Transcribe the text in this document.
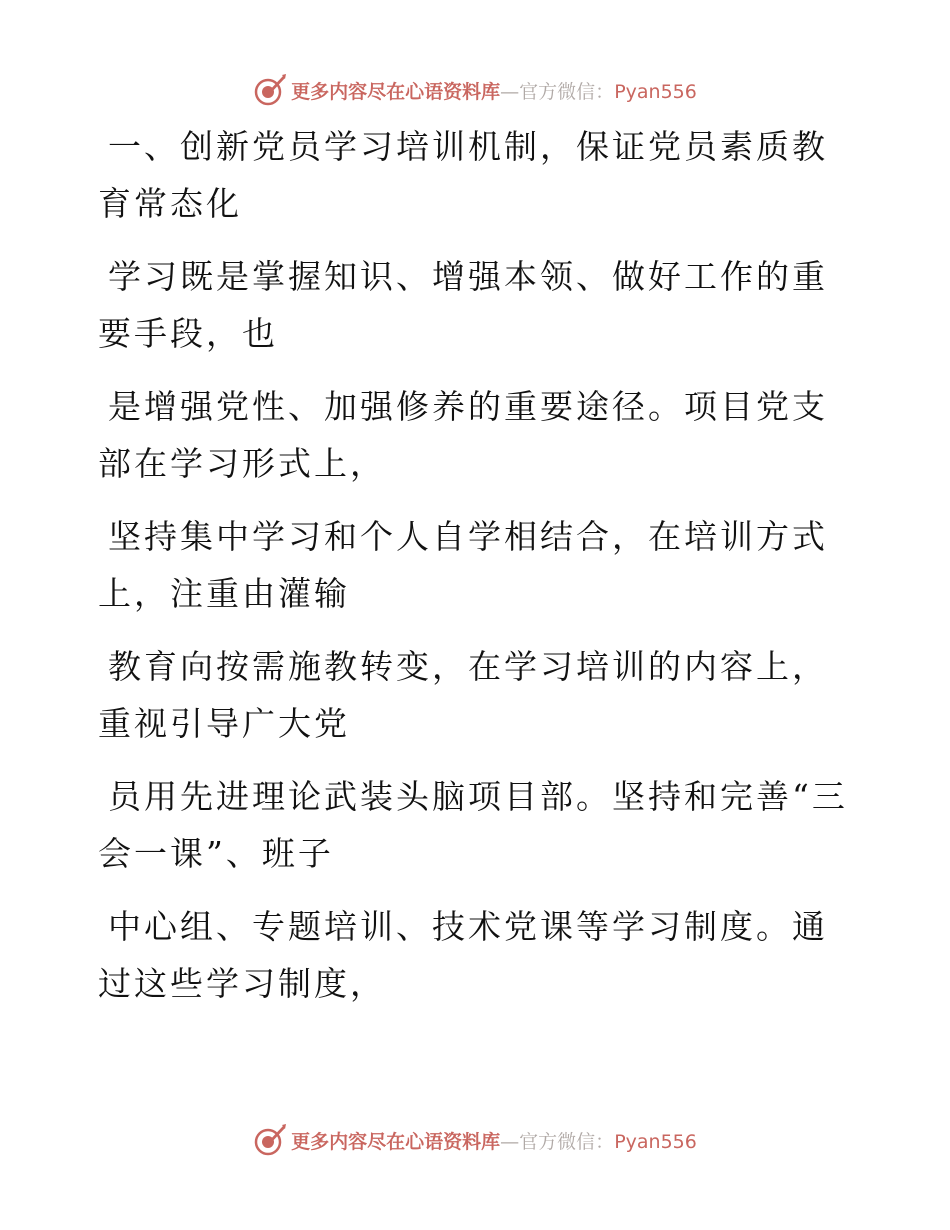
更多内容尽在心语资料库—官方微信：Pyan556

一、创新党员学习培训机制，保证党员素质教育常态化

学习既是掌握知识、增强本领、做好工作的重要手段，也

是增强党性、加强修养的重要途径。项目党支部在学习形式上，

坚持集中学习和个人自学相结合，在培训方式上，注重由灌输

教育向按需施教转变，在学习培训的内容上，重视引导广大党

员用先进理论武装头脑项目部。坚持和完善“三会一课”、班子

中心组、专题培训、技术党课等学习制度。通过这些学习制度，

更多内容尽在心语资料库—官方微信：Pyan556
